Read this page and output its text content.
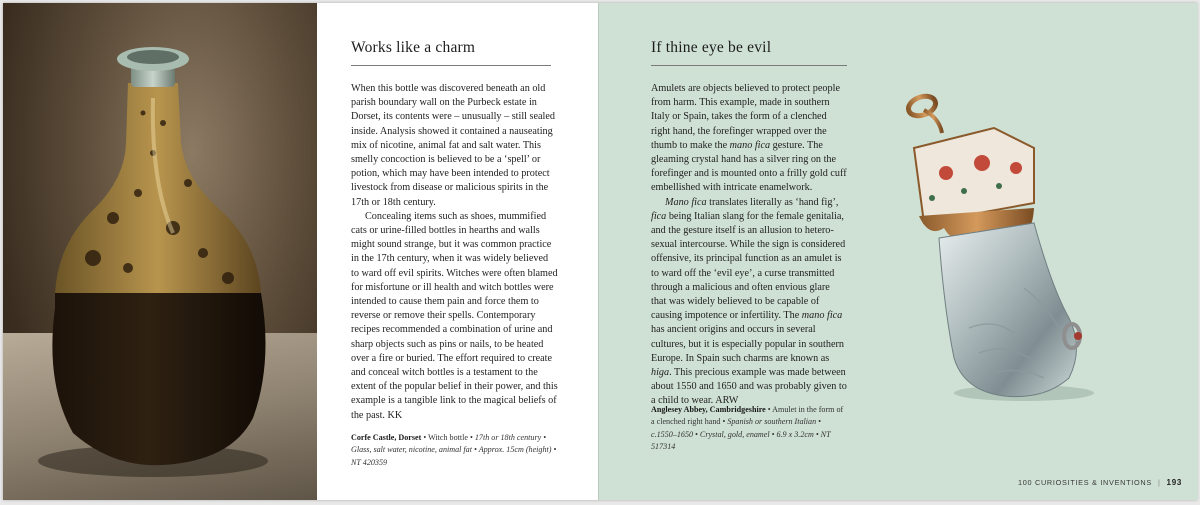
Works like a charm

When this bottle was discovered beneath an old parish boundary wall on the Purbeck estate in Dorset, its contents were – unusually – still sealed inside. Analysis showed it contained a nauseating mix of nicotine, animal fat and salt water. This smelly concoction is believed to be a ‘spell’ or potion, which may have been intended to protect livestock from disease or malicious spirits in the 17th or 18th century.

Concealing items such as shoes, mummified cats or urine-filled bottles in hearths and walls might sound strange, but it was common practice in the 17th century, when it was widely believed to ward off evil spirits. Witches were often blamed for misfortune or ill health and witch bottles were intended to cause them pain and force them to reverse or remove their spells. Contemporary recipes recommended a combination of urine and sharp objects such as pins or nails, to be heated over a fire or buried. The effort required to create and conceal witch bottles is a testament to the extent of the popular belief in their power, and this example is a tangible link to the magical beliefs of the past. KK

Corfe Castle, Dorset • Witch bottle • 17th or 18th century • Glass, salt water, nicotine, animal fat • Approx. 15cm (height) • NT 420359
If thine eye be evil

Amulets are objects believed to protect people from harm. This example, made in southern Italy or Spain, takes the form of a clenched right hand, the forefinger wrapped over the thumb to make the mano fica gesture. The gleaming crystal hand has a silver ring on the forefinger and is mounted onto a frilly gold cuff embellished with intricate enamelwork.

Mano fica translates literally as ‘hand fig’, fica being Italian slang for the female genitalia, and the gesture itself is an allusion to hetero-sexual intercourse. While the sign is considered offensive, its principal function as an amulet is to ward off the ‘evil eye’, a curse transmitted through a malicious and often envious glare that was widely believed to be capable of causing impotence or infertility. The mano fica has ancient origins and occurs in several cultures, but it is especially popular in southern Europe. In Spain such charms are known as higa. This precious example was made between about 1550 and 1650 and was probably given to a child to wear. ARW

Anglesey Abbey, Cambridgeshire • Amulet in the form of a clenched right hand • Spanish or southern Italian • c.1550–1650 • Crystal, gold, enamel • 6.9 x 3.2cm • NT 517314
100 CURIOSITIES & INVENTIONS | 193
